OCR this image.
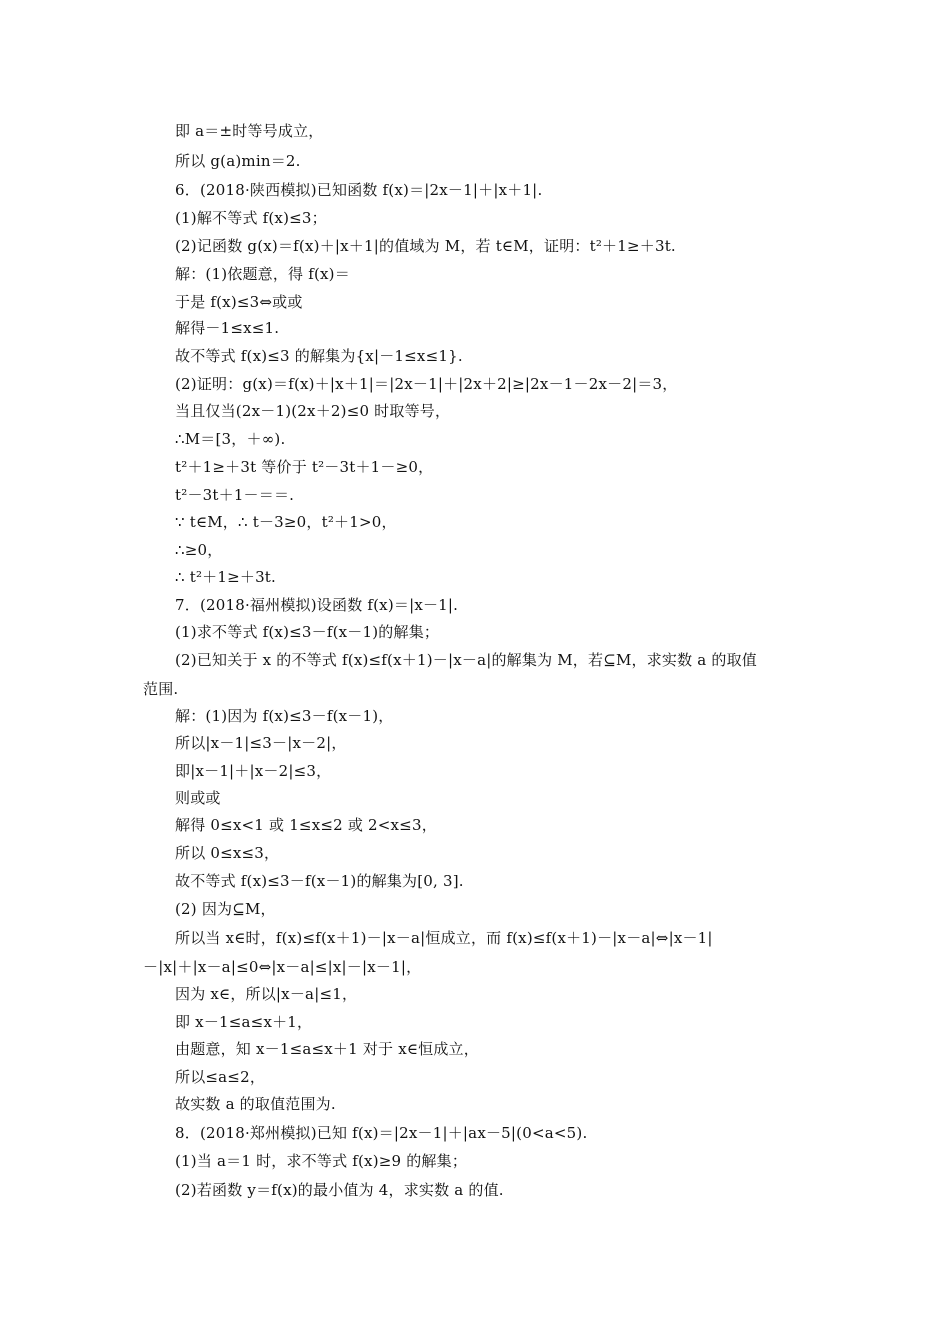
即 a＝±时等号成立，
所以 g(a)min＝2.
6．(2018·陕西模拟)已知函数 f(x)＝|2x－1|＋|x＋1|.
(1)解不等式 f(x)≤3；
(2)记函数 g(x)＝f(x)＋|x＋1|的值域为 M，若 t∈M，证明：t²＋1≥＋3t.
解：(1)依题意，得 f(x)＝
于是 f(x)≤3⇔或或
解得－1≤x≤1.
故不等式 f(x)≤3 的解集为{x|－1≤x≤1}.
(2)证明：g(x)＝f(x)＋|x＋1|＝|2x－1|＋|2x＋2|≥|2x－1－2x－2|＝3，
当且仅当(2x－1)(2x＋2)≤0 时取等号，
∴M＝[3，＋∞).
t²＋1≥＋3t 等价于 t²－3t＋1－≥0，
t²－3t＋1－＝＝.
∵ t∈M，∴ t－3≥0，t²＋1>0，
∴≥0，
∴ t²＋1≥＋3t.
7．(2018·福州模拟)设函数 f(x)＝|x－1|.
(1)求不等式 f(x)≤3－f(x－1)的解集；
(2)已知关于 x 的不等式 f(x)≤f(x＋1)－|x－a|的解集为 M，若⊆M，求实数 a 的取值
范围.
解：(1)因为 f(x)≤3－f(x－1)，
所以|x－1|≤3－|x－2|，
即|x－1|＋|x－2|≤3，
则或或
解得 0≤x<1 或 1≤x≤2 或 2<x≤3，
所以 0≤x≤3，
故不等式 f(x)≤3－f(x－1)的解集为[0, 3].
(2) 因为⊆M，
所以当 x∈时，f(x)≤f(x＋1)－|x－a|恒成立，而 f(x)≤f(x＋1)－|x－a|⇔|x－1|
－|x|＋|x－a|≤0⇔|x－a|≤|x|－|x－1|，
因为 x∈，所以|x－a|≤1，
即 x－1≤a≤x＋1，
由题意，知 x－1≤a≤x＋1 对于 x∈恒成立，
所以≤a≤2，
故实数 a 的取值范围为.
8．(2018·郑州模拟)已知 f(x)＝|2x－1|＋|ax－5|(0<a<5).
(1)当 a＝1 时，求不等式 f(x)≥9 的解集；
(2)若函数 y＝f(x)的最小值为 4，求实数 a 的值.
